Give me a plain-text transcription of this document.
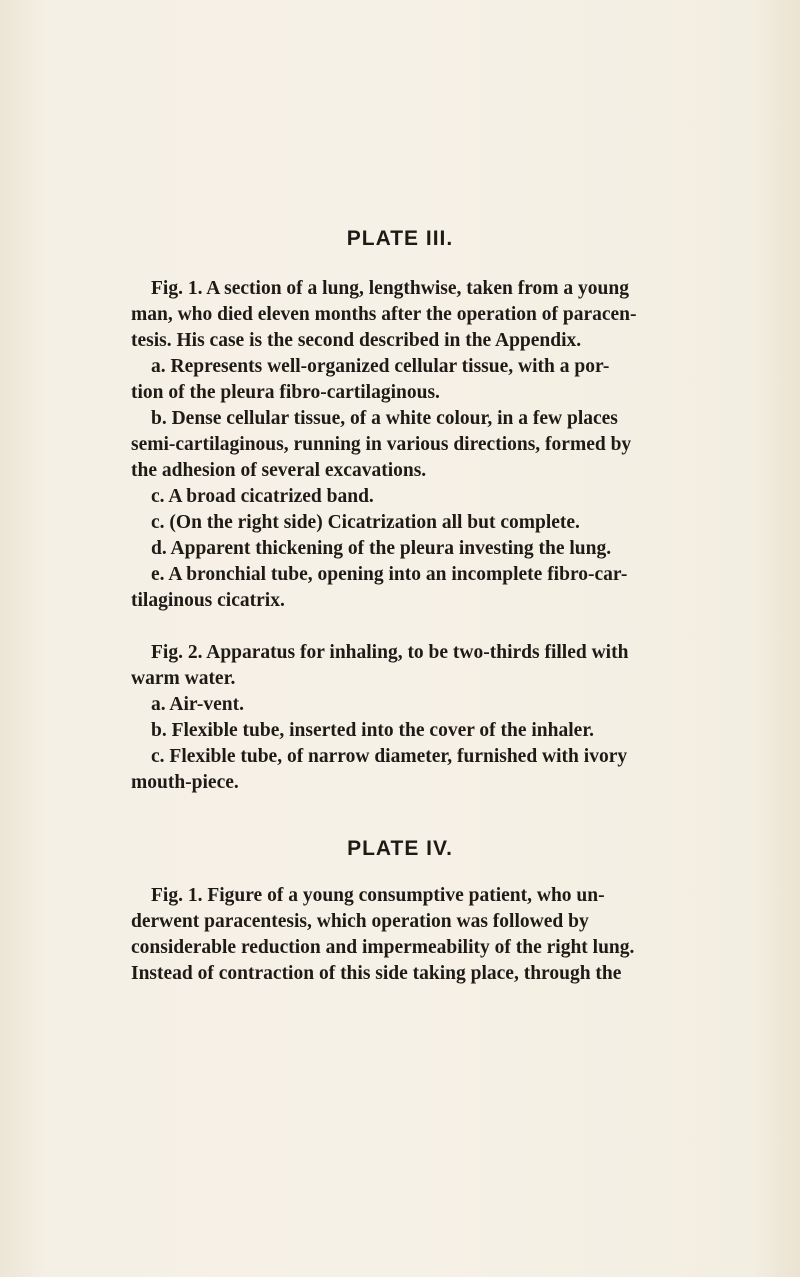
PLATE III.
Fig. 1. A section of a lung, lengthwise, taken from a young
man, who died eleven months after the operation of paracen-
tesis. His case is the second described in the Appendix.
a. Represents well-organized cellular tissue, with a por-
tion of the pleura fibro-cartilaginous.
b. Dense cellular tissue, of a white colour, in a few places
semi-cartilaginous, running in various directions, formed by
the adhesion of several excavations.
c. A broad cicatrized band.
c. (On the right side) Cicatrization all but complete.
d. Apparent thickening of the pleura investing the lung.
e. A bronchial tube, opening into an incomplete fibro-car-
tilaginous cicatrix.
Fig. 2. Apparatus for inhaling, to be two-thirds filled with
warm water.
a. Air-vent.
b. Flexible tube, inserted into the cover of the inhaler.
c. Flexible tube, of narrow diameter, furnished with ivory
mouth-piece.
PLATE IV.
Fig. 1. Figure of a young consumptive patient, who un-
derwent paracentesis, which operation was followed by
considerable reduction and impermeability of the right lung.
Instead of contraction of this side taking place, through the
